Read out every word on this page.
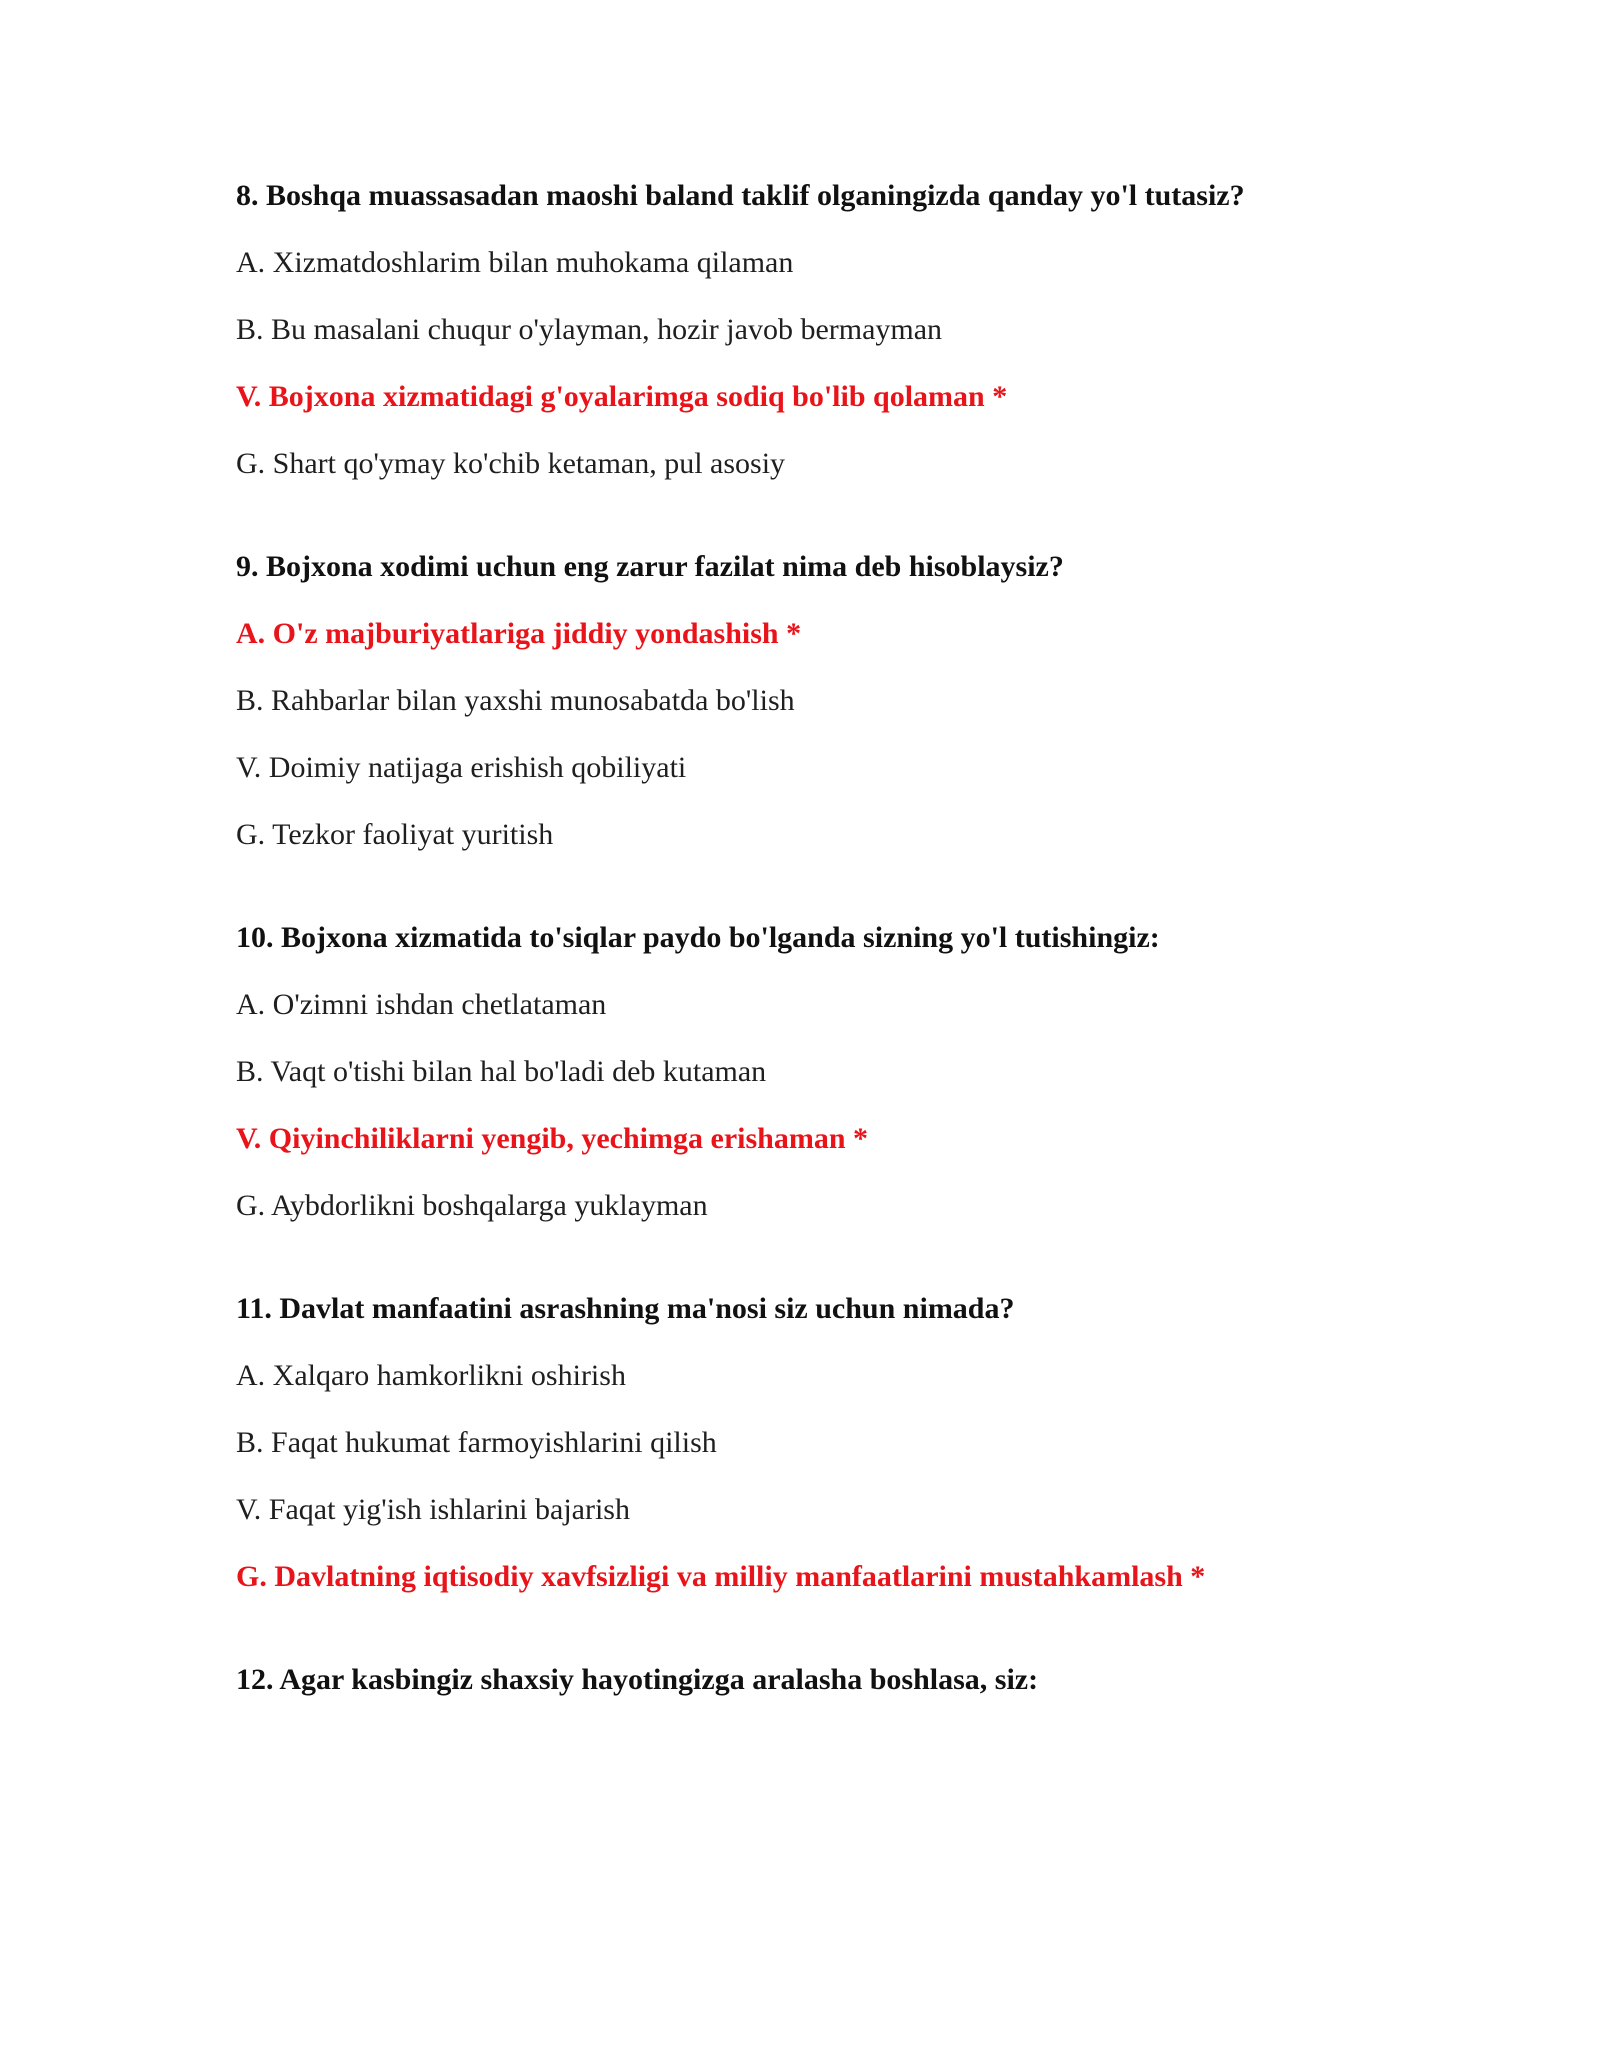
8. Boshqa muassasadan maoshi baland taklif olganingizda qanday yo'l tutasiz?
A. Xizmatdoshlarim bilan muhokama qilaman
B. Bu masalani chuqur o'ylayman, hozir javob bermayman
V. Bojxona xizmatidagi g'oyalarimga sodiq bo'lib qolaman *
G. Shart qo'ymay ko'chib ketaman, pul asosiy
9. Bojxona xodimi uchun eng zarur fazilat nima deb hisoblaysiz?
A. O'z majburiyatlariga jiddiy yondashish *
B. Rahbarlar bilan yaxshi munosabatda bo'lish
V. Doimiy natijaga erishish qobiliyati
G. Tezkor faoliyat yuritish
10. Bojxona xizmatida to'siqlar paydo bo'lganda sizning yo'l tutishingiz:
A. O'zimni ishdan chetlataman
B. Vaqt o'tishi bilan hal bo'ladi deb kutaman
V. Qiyinchiliklarni yengib, yechimga erishaman *
G. Aybdorlikni boshqalarga yuklayman
11. Davlat manfaatini asrashning ma'nosi siz uchun nimada?
A. Xalqaro hamkorlikni oshirish
B. Faqat hukumat farmoyishlarini qilish
V. Faqat yig'ish ishlarini bajarish
G. Davlatning iqtisodiy xavfsizligi va milliy manfaatlarini mustahkamlash *
12. Agar kasbingiz shaxsiy hayotingizga aralasha boshlasa, siz:
